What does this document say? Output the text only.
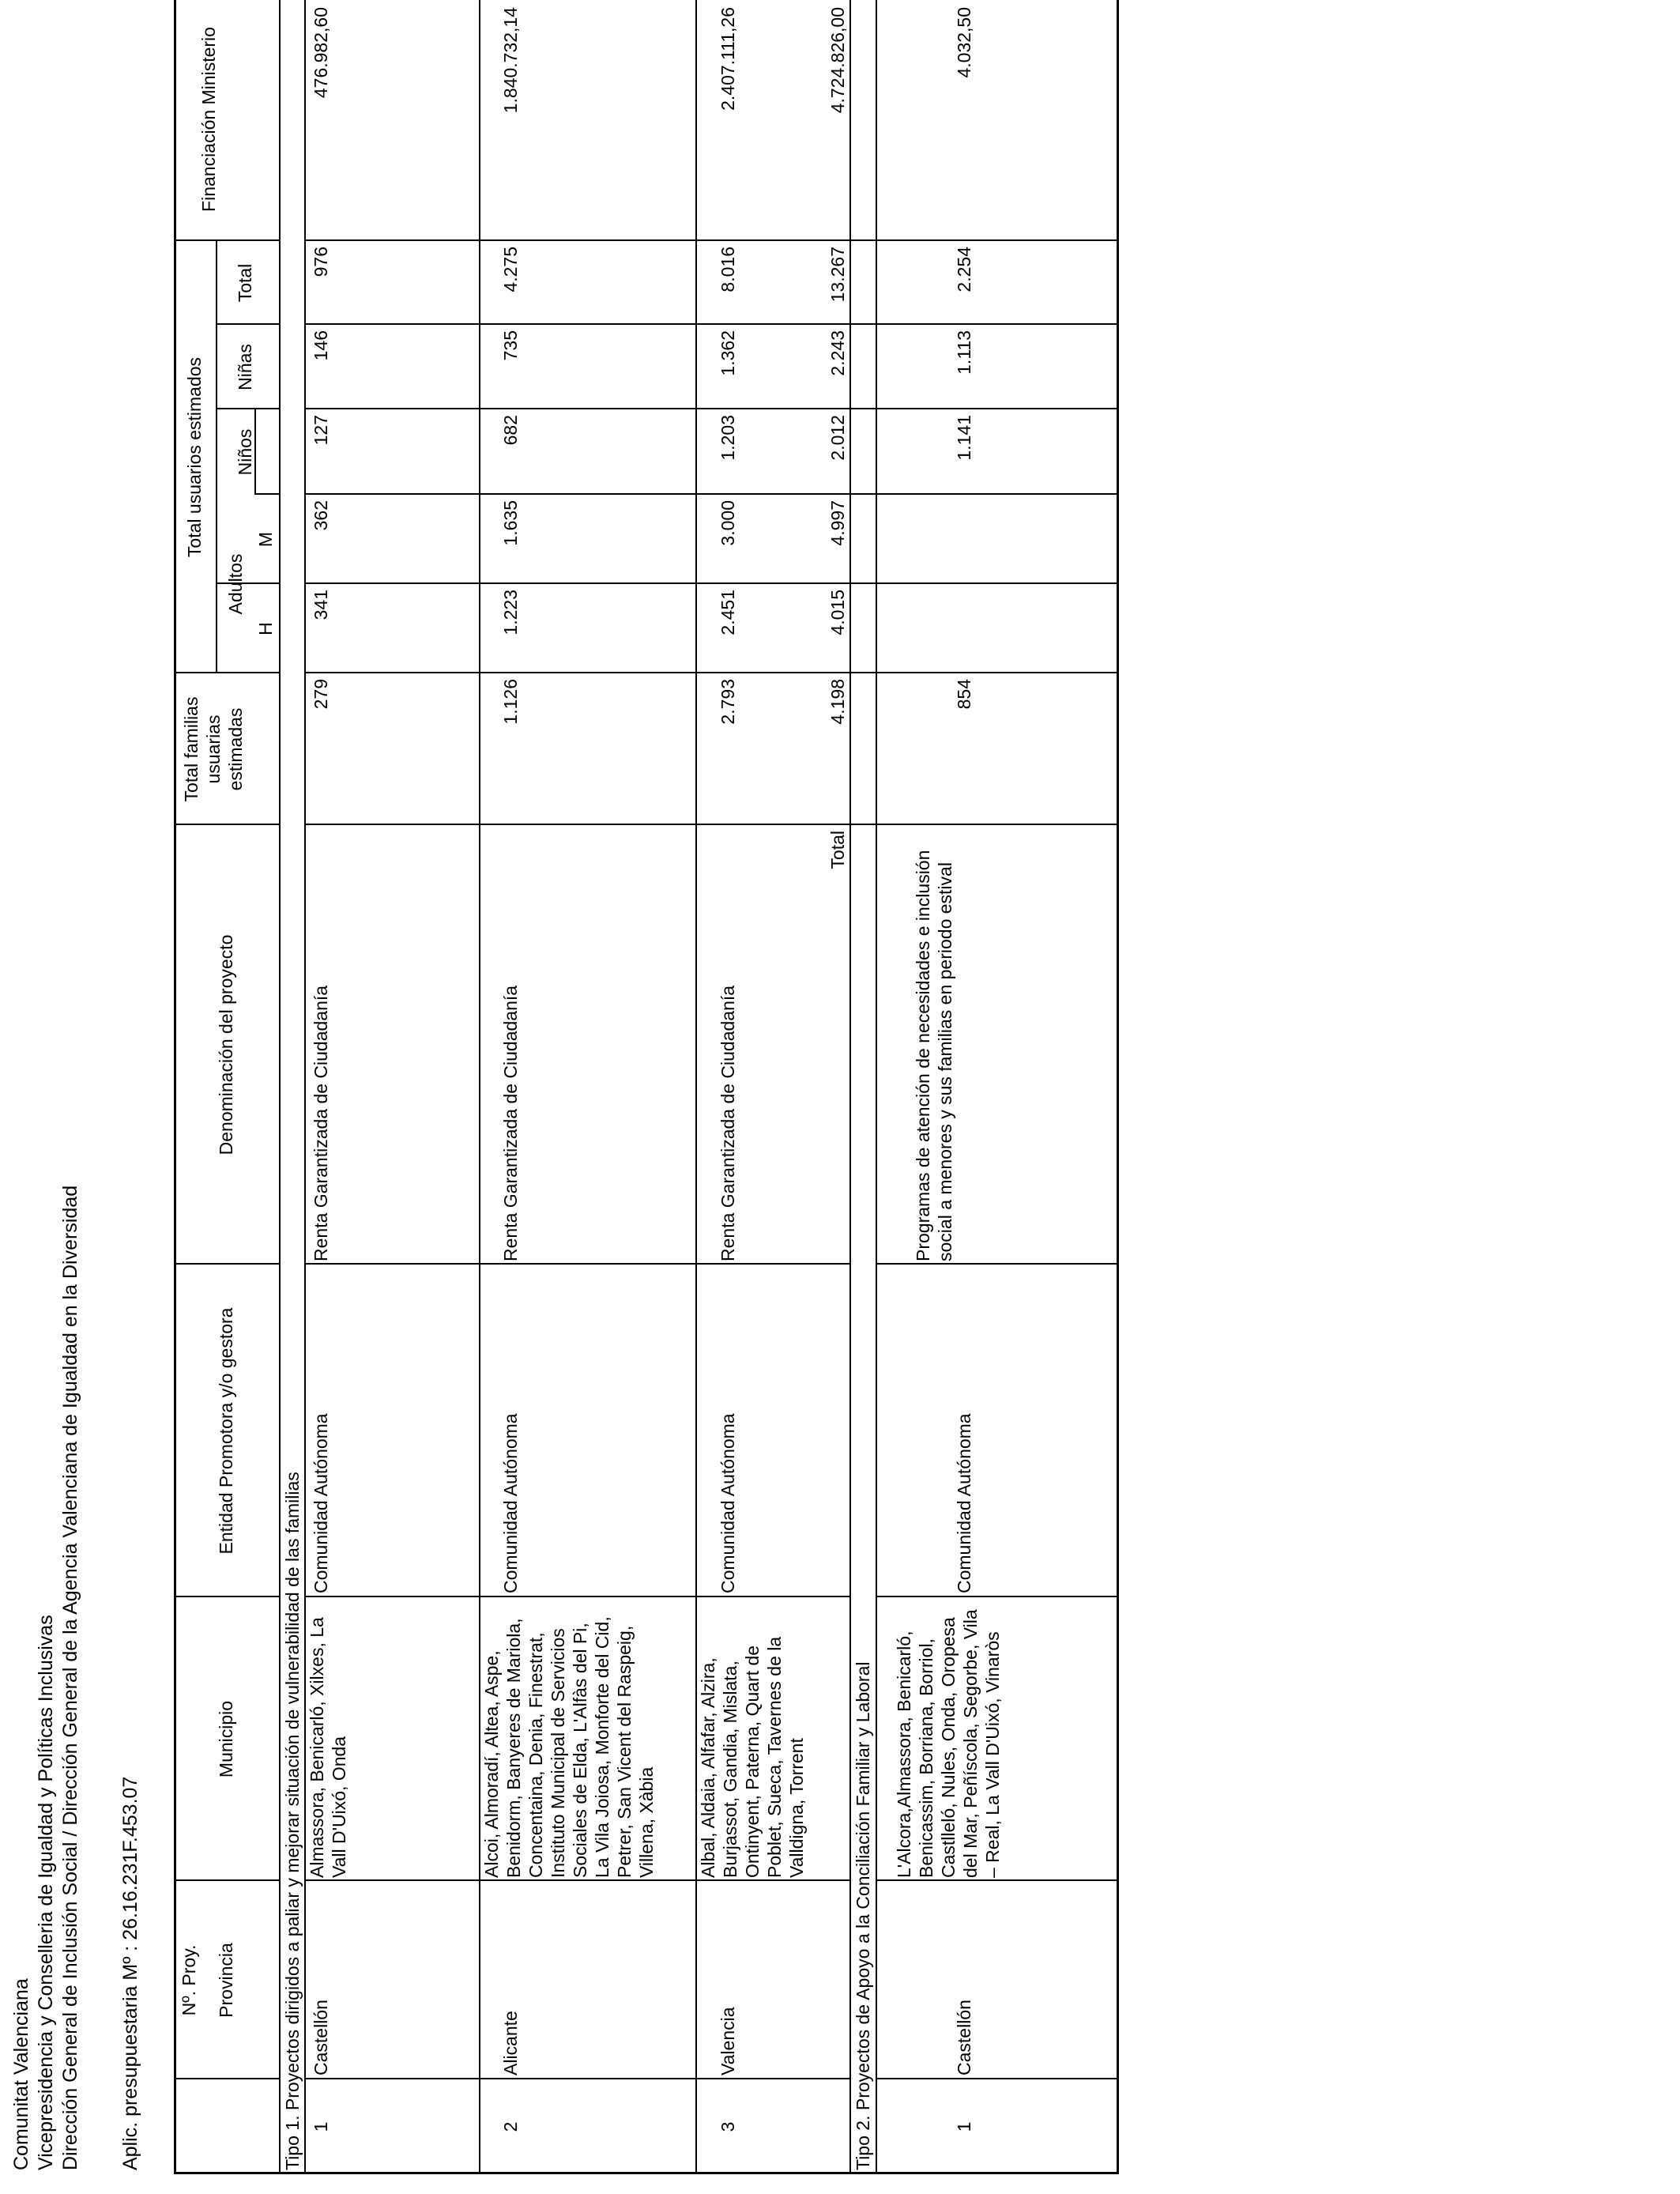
Comunitat Valenciana Vicepresidencia y Conselleria de Igualdad y Políticas Inclusivas Dirección General de Inclusión Social / Dirección General de la Agencia Valenciana de Igualdad en la Diversidad Aplic. presupuestaria Mº : 26.16.231F.453.07 Nº. Proy. Provincia
Municipio
Entidad Promotora y/o gestora
Denominación del proyecto
Total familias usuarias estimadas
Total usuarios estimados
Adultos
H
M
Niños
Niñas
Total
Financiación Ministerio
Tipo 1. Proyectos dirigidos a paliar y mejorar situación de vulnerabilidad de las familias 1
Castellón
Almassora, Benicarló, Xilxes, La Vall D'Uixó, Onda
Comunidad Autónoma
Renta Garantizada de Ciudadanía
279
341
362
127
146
976
476.982,60
2
Alicante
Alcoi, Almoradí, Altea, Aspe, Benidorm, Banyeres de Mariola, Concentaina, Denia, Finestrat, Instituto Municipal de Servicios Sociales de Elda, L'Alfàs del Pi, La Vila Joiosa, Monforte del Cid, Petrer, San Vicent del Raspeig, Villena, Xàbia
Comunidad Autónoma
Renta Garantizada de Ciudadanía
1.126
1.223
1.635
682
735
4.275
1.840.732,14
3
Valencia
Albal, Aldaia, Alfafar, Alzira, Burjassot, Gandia, Mislata, Ontinyent, Paterna, Quart de Poblet, Sueca, Tavernes de la Valldigna, Torrent
Comunidad Autónoma
Renta Garantizada de Ciudadanía
2.793
2.451
3.000
1.203
1.362
8.016
2.407.111,26
Total
4.198
4.015
4.997
2.012
2.243
13.267
4.724.826,00
Tipo 2. Proyectos de Apoyo a la Conciliación Familiar y Laboral	1
Castellón
L'Alcora,Almassora, Benicarló, Benicassim, Borriana, Borriol, Castlleló, Nules, Onda, Oropesa del Mar, Peñíscola, Segorbe, Vila – Real, La Vall D'Uixó, Vinaròs
Comunidad Autónoma
Programas de atención de necesidades e inclusión social a menores y sus familias en periodo estival
854
1.141
1.113
2.254
4.032,50
